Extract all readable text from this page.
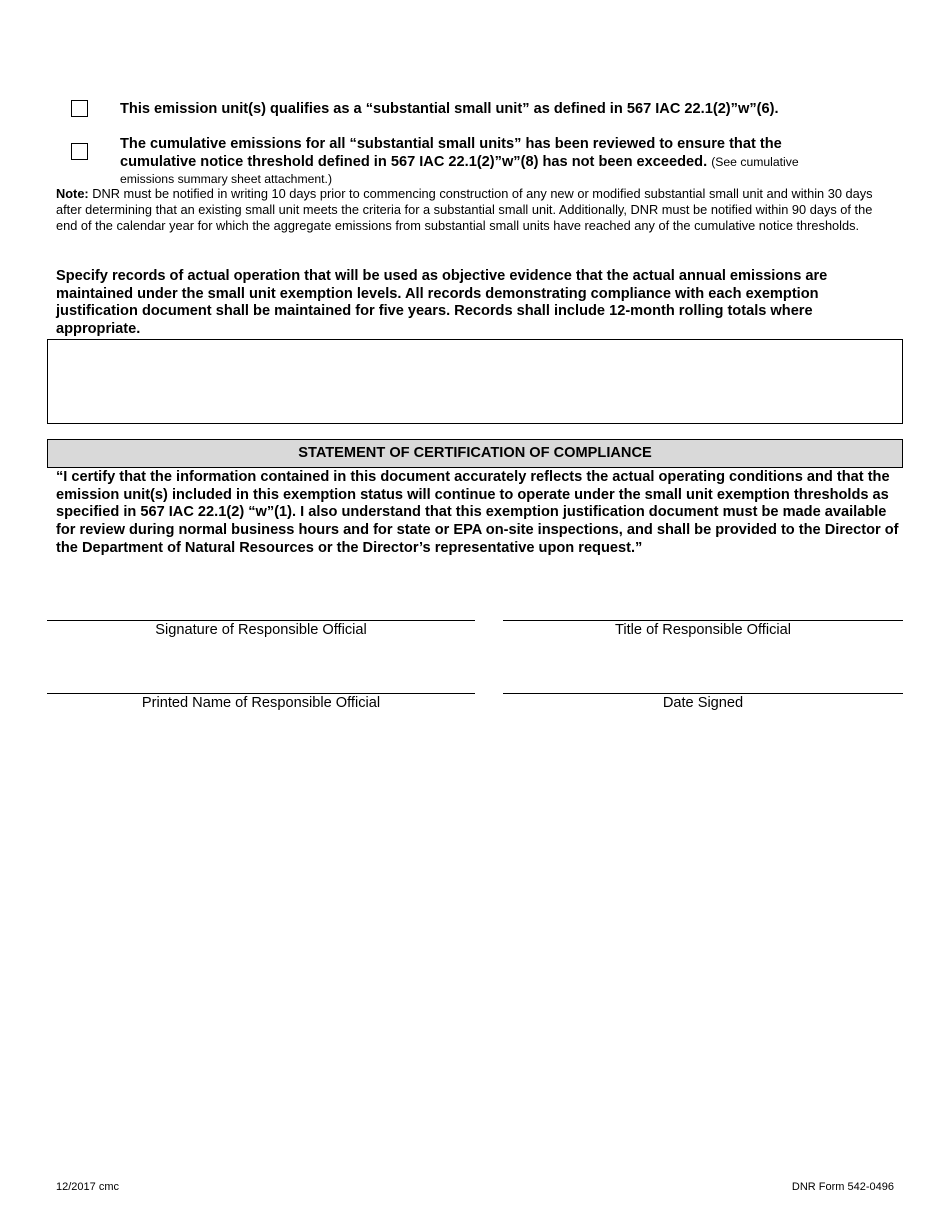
This emission unit(s) qualifies as a “substantial small unit” as defined in 567 IAC 22.1(2)”w”(6).
The cumulative emissions for all “substantial small units” has been reviewed to ensure that the cumulative notice threshold defined in 567 IAC 22.1(2)”w”(8) has not been exceeded. (See cumulative emissions summary sheet attachment.)
Note: DNR must be notified in writing 10 days prior to commencing construction of any new or modified substantial small unit and within 30 days after determining that an existing small unit meets the criteria for a substantial small unit. Additionally, DNR must be notified within 90 days of the end of the calendar year for which the aggregate emissions from substantial small units have reached any of the cumulative notice thresholds.
Specify records of actual operation that will be used as objective evidence that the actual annual emissions are maintained under the small unit exemption levels. All records demonstrating compliance with each exemption justification document shall be maintained for five years. Records shall include 12-month rolling totals where appropriate.
STATEMENT OF CERTIFICATION OF COMPLIANCE
“I certify that the information contained in this document accurately reflects the actual operating conditions and that the emission unit(s) included in this exemption status will continue to operate under the small unit exemption thresholds as specified in 567 IAC 22.1(2) “w”(1). I also understand that this exemption justification document must be made available for review during normal business hours and for state or EPA on-site inspections, and shall be provided to the Director of the Department of Natural Resources or the Director’s representative upon request.”
Signature of Responsible Official	Title of Responsible Official
Printed Name of Responsible Official	Date Signed
12/2017 cmc	DNR Form 542-0496
